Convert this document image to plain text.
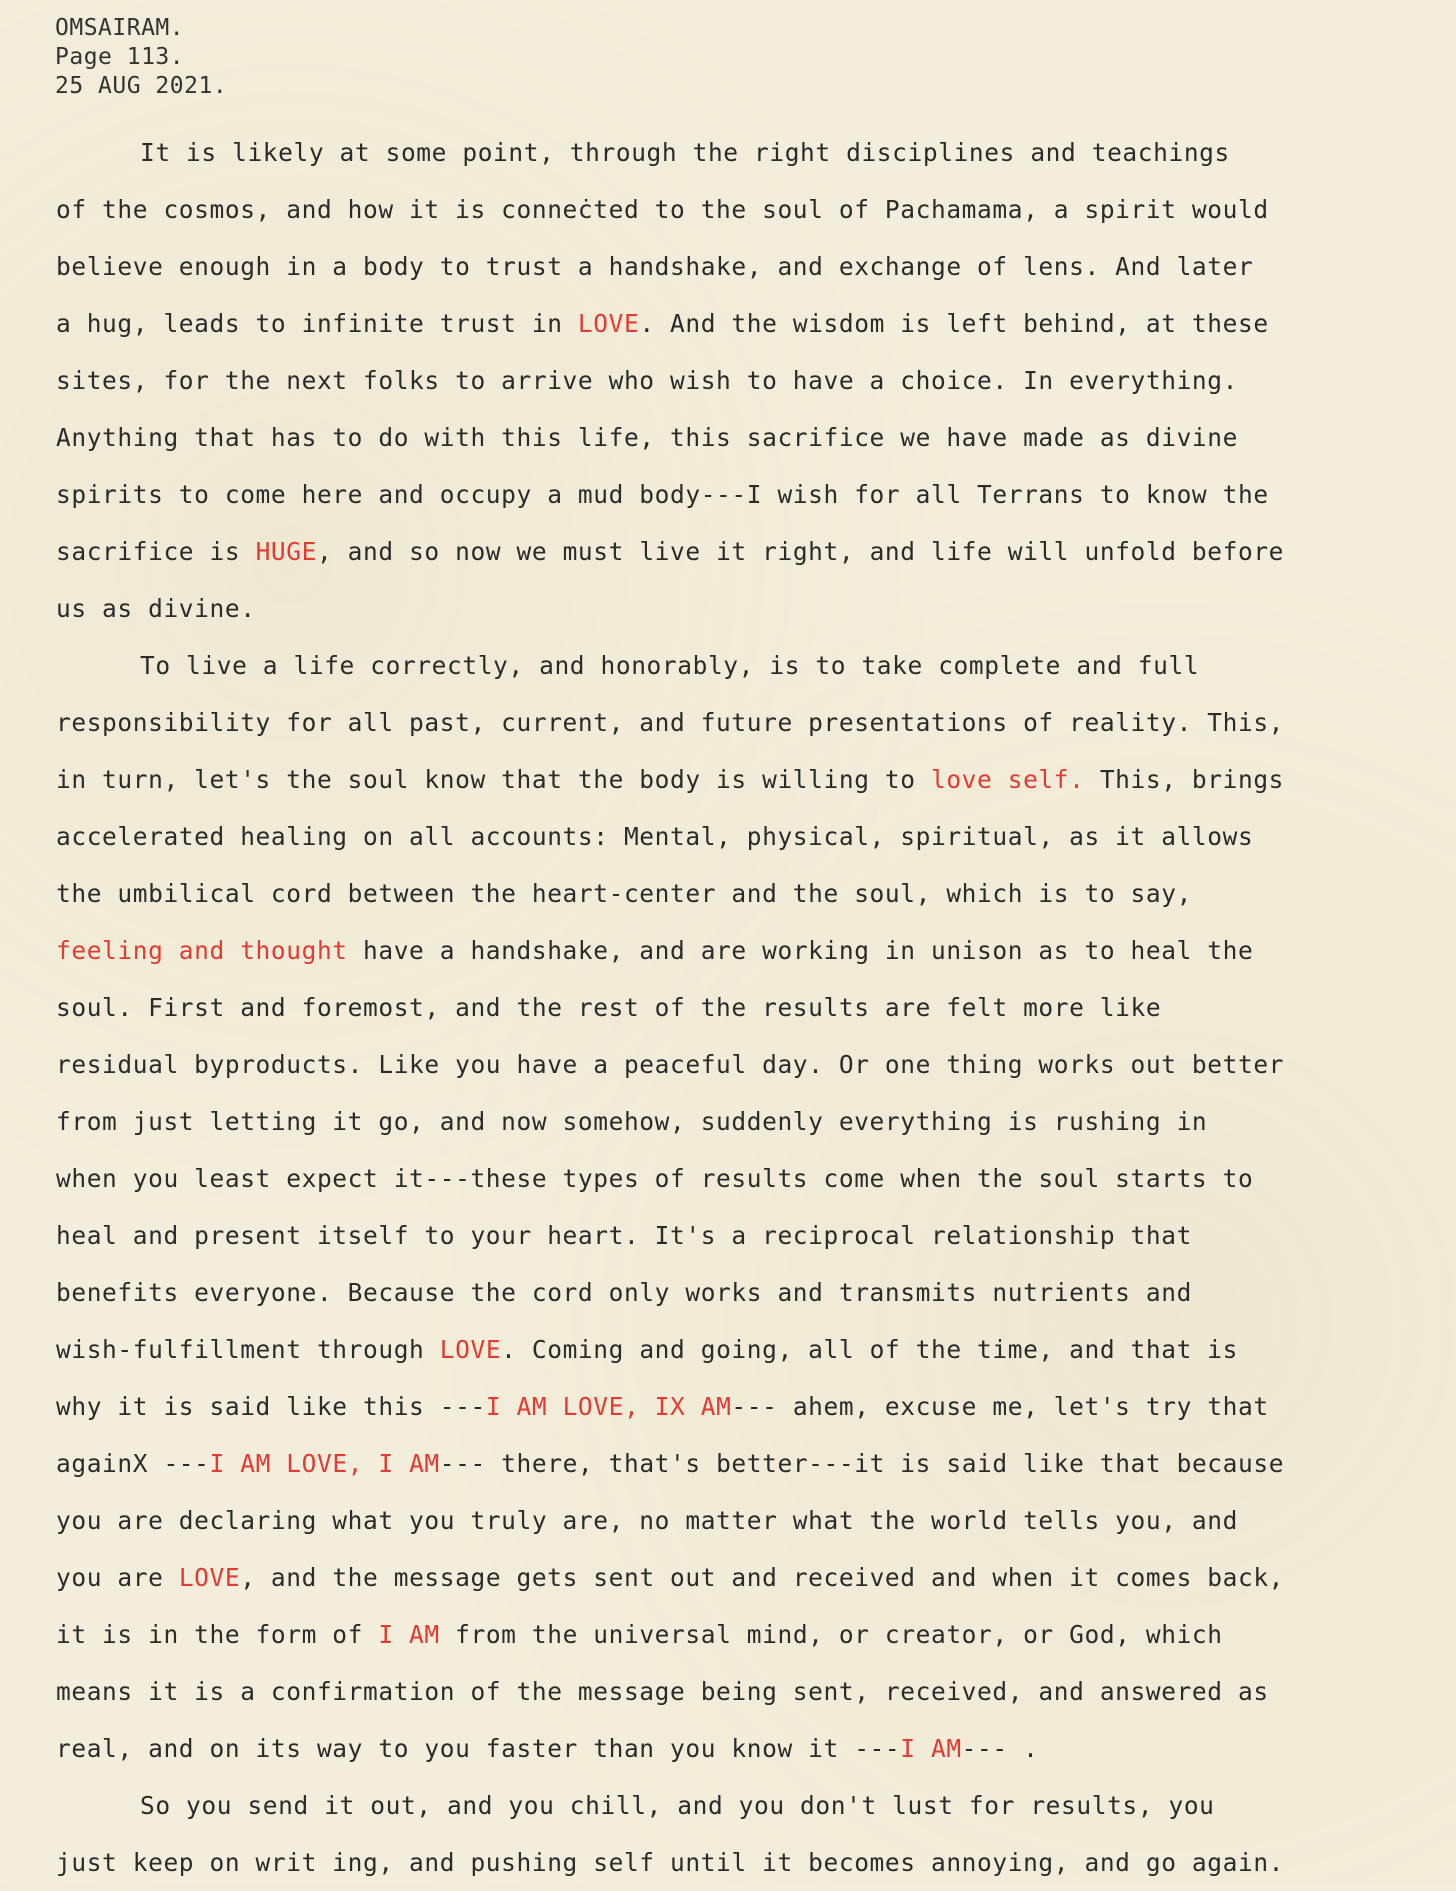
OMSAIRAM.
Page 113.
25 AUG 2021.
It is likely at some point, through the right disciplines and teachings
of the cosmos, and how it is conneċted to the soul of Pachamama, a spirit would
believe enough in a body to trust a handshake, and exchange of lens. And later
a hug, leads to infinite trust in LOVE. And the wisdom is left behind, at these
sites, for the next folks to arrive who wish to have a choice. In everything.
Anything that has to do with this life, this sacrifice we have made as divine
spirits to come here and occupy a mud body---I wish for all Terrans to know the
sacrifice is HUGE, and so now we must live it right, and life will unfold before
us as divine.
To live a life correctly, and honorably, is to take complete and full
responsibility for all past, current, and future presentations of reality. This,
in turn, let's the soul know that the body is willing to love self. This, brings
accelerated healing on all accounts: Mental, physical, spiritual, as it allows
the umbilical cord between the heart-center and the soul, which is to say,
feeling and thought have a handshake, and are working in unison as to heal the
soul. First and foremost, and the rest of the results are felt more like
residual byproducts. Like you have a peaceful day. Or one thing works out better
from just letting it go, and now somehow, suddenly everything is rushing in
when you least expect it---these types of results come when the soul starts to
heal and present itself to your heart. It's a reciprocal relationship that
benefits everyone. Because the cord only works and transmits nutrients and
wish-fulfillment through LOVE. Coming and going, all of the time, and that is
why it is said like this ---I AM LOVE, IX AM--- ahem, excuse me, let's try that
againX ---I AM LOVE, I AM--- there, that's better---it is said like that because
you are declaring what you truly are, no matter what the world tells you, and
you are LOVE, and the message gets sent out and received and when it comes back,
it is in the form of I AM from the universal mind, or creator, or God, which
means it is a confirmation of the message being sent, received, and answered as
real, and on its way to you faster than you know it ---I AM--- .
So you send it out, and you chill, and you don't lust for results, you
just keep on writ ing, and pushing self until it becomes annoying, and go again.
